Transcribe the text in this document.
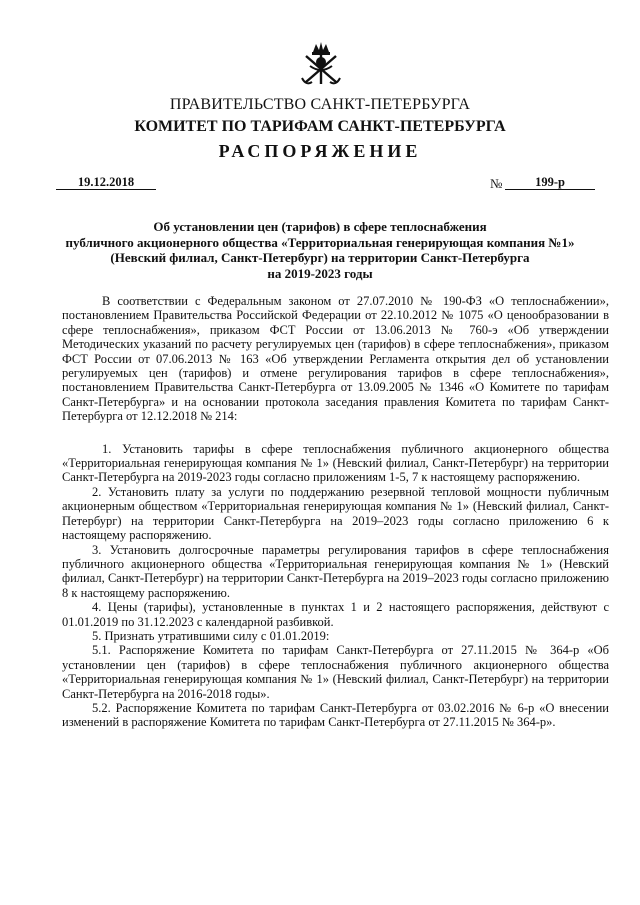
ПРАВИТЕЛЬСТВО САНКТ-ПЕТЕРБУРГА
КОМИТЕТ ПО ТАРИФАМ САНКТ-ПЕТЕРБУРГА
РАСПОРЯЖЕНИЕ
19.12.2018	№	199-р
Об установлении цен (тарифов) в сфере теплоснабжения
публичного акционерного общества «Территориальная генерирующая компания №1»
(Невский филиал, Санкт-Петербург) на территории Санкт-Петербурга
на 2019-2023 годы

В соответствии с Федеральным законом от 27.07.2010 № 190-ФЗ «О теплоснабжении», постановлением Правительства Российской Федерации от 22.10.2012 № 1075 «О ценообразовании в сфере теплоснабжения», приказом ФСТ России от 13.06.2013 № 760-э «Об утверждении Методических указаний по расчету регулируемых цен (тарифов) в сфере теплоснабжения», приказом ФСТ России от 07.06.2013 № 163 «Об утверждении Регламента открытия дел об установлении регулируемых цен (тарифов) и отмене регулирования тарифов в сфере теплоснабжения», постановлением Правительства Санкт-Петербурга от 13.09.2005 № 1346 «О Комитете по тарифам Санкт-Петербурга» и на основании протокола заседания правления Комитета по тарифам Санкт-Петербурга от 12.12.2018 № 214:

1. Установить тарифы в сфере теплоснабжения публичного акционерного общества «Территориальная генерирующая компания № 1» (Невский филиал, Санкт-Петербург) на территории Санкт-Петербурга на 2019-2023 годы согласно приложениям 1-5, 7 к настоящему распоряжению.

2. Установить плату за услуги по поддержанию резервной тепловой мощности публичным акционерным обществом «Территориальная генерирующая компания № 1» (Невский филиал, Санкт-Петербург) на территории Санкт-Петербурга на 2019–2023 годы согласно приложению 6 к настоящему распоряжению.

3. Установить долгосрочные параметры регулирования тарифов в сфере теплоснабжения публичного акционерного общества «Территориальная генерирующая компания № 1» (Невский филиал, Санкт-Петербург) на территории Санкт-Петербурга на 2019–2023 годы согласно приложению 8 к настоящему распоряжению.

4. Цены (тарифы), установленные в пунктах 1 и 2 настоящего распоряжения, действуют с 01.01.2019 по 31.12.2023 с календарной разбивкой.

5. Признать утратившими силу с 01.01.2019:

5.1. Распоряжение Комитета по тарифам Санкт-Петербурга от 27.11.2015 № 364-р «Об установлении цен (тарифов) в сфере теплоснабжения публичного акционерного общества «Территориальная генерирующая компания № 1» (Невский филиал, Санкт-Петербург) на территории Санкт-Петербурга на 2016-2018 годы».

5.2. Распоряжение Комитета по тарифам Санкт-Петербурга от 03.02.2016 № 6-р «О внесении изменений в распоряжение Комитета по тарифам Санкт-Петербурга от 27.11.2015 № 364-р».
